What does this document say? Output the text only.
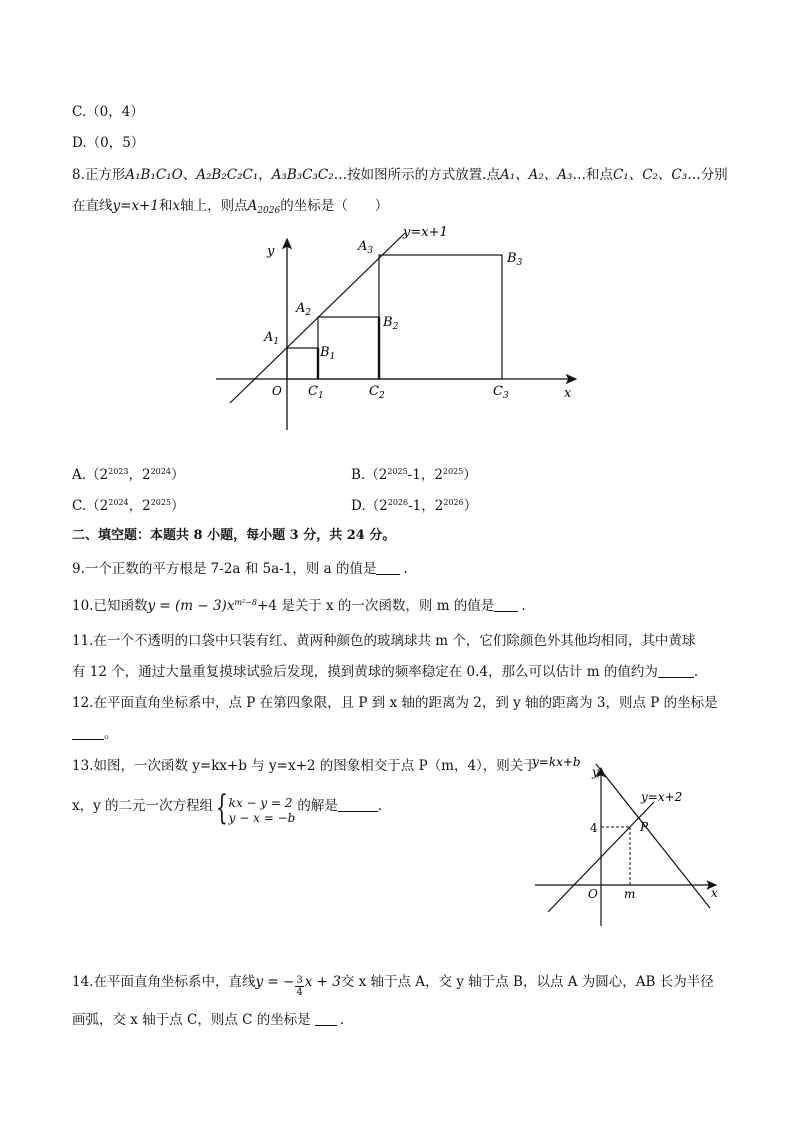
C.（0，4）
D.（0，5）
8.正方形A₁B₁C₁O、A₂B₂C₂C₁，A₃B₃C₃C₂…按如图所示的方式放置.点A₁、A₂、A₃…和点C₁、C₂、C₃…分别
在直线y=x+1和x轴上，则点$A_{2026}$的坐标是（　　）
y
x
O
y=x+1
$A_1$
$A_2$
$A_3$
$B_1$
$B_2$
$B_3$
$C_1$	$C_2$	$C_3$
$A.(2^{2023}$，$2^{2024}$）	$B.(2^{2025}-1$，$2^{2025}$）
$C.(2^{2024}$，$2^{2025}$）	$D.(2^{2026}-1$，$2^{2026}$）
二、填空题：本题共 8 小题，每小题 3 分，共 24 分。
9.一个正数的平方根是 7-2a 和 5a-1，则 a 的值是 .
10.已知函数$y = (m - 3)x^{m^2-8}+4$ 是关于 x 的一次函数，则 m 的值是 .
11.在一个不透明的口袋中只装有红、黄两种颜色的玻璃球共 m 个，它们除颜色外其他均相同，其中黄球
有 12 个，通过大量重复摸球试验后发现，摸到黄球的频率稳定在 0.4，那么可以估计 m 的值约为	.
12.在平面直角坐标系中，点 P 在第四象限，且 P 到 x 轴的距离为 2，到 y 轴的距离为 3，则点 P 的坐标是
。
13.如图，一次函数 y=kx+b 与 y=x+2 的图象相交于点 P（m，4），则关于
x，y 的二元一次方程组{ kx − y = 2
y − x = −b
的解是	.
y=kx+b
y=x+2
y
x
O
P
4
m
14.在平面直角坐标系中，直线y = − $\frac{3}{4}$ x + 3交 x 轴于点 A，交 y 轴于点 B，以点 A 为圆心，AB 长为半径
画弧，交 x 轴于点 C，则点 C 的坐标是 .
